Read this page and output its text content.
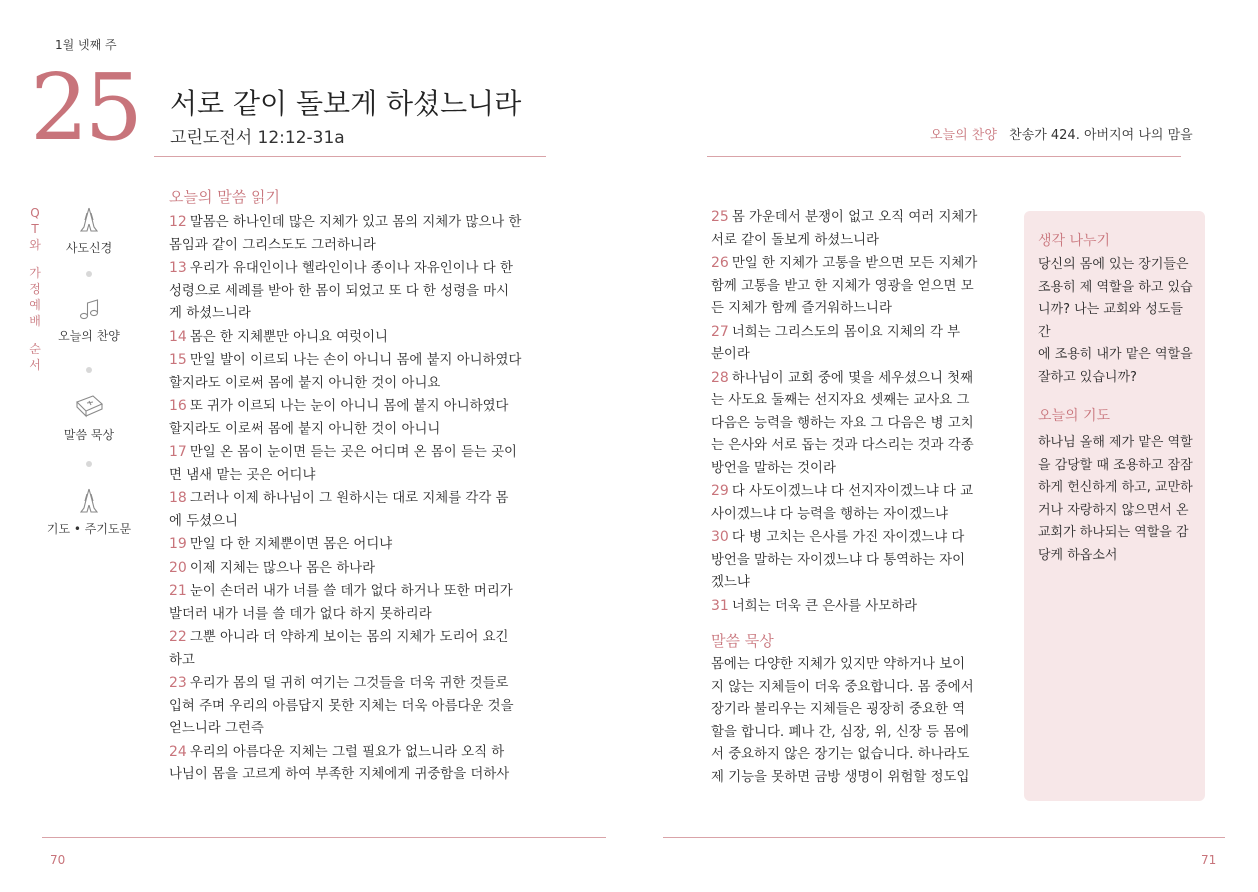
1월 넷째 주
25 서로 같이 돌보게 하셨느니라
고린도전서 12:12-31a	오늘의 찬양 찬송가 424. 아버지여 나의 맘을
Q
T
와
가
정
예
배
순
서
사도신경
오늘의 찬양
말씀 묵상
기도 • 주기도문
오늘의 말씀 읽기
12 말몸은 하나인데 많은 지체가 있고 몸의 지체가 많으나 한
몸임과 같이 그리스도도 그러하니라
13 우리가 유대인이나 헬라인이나 종이나 자유인이나 다 한
성령으로 세례를 받아 한 몸이 되었고 또 다 한 성령을 마시
게 하셨느니라
14 몸은 한 지체뿐만 아니요 여럿이니
15 만일 발이 이르되 나는 손이 아니니 몸에 붙지 아니하였다
할지라도 이로써 몸에 붙지 아니한 것이 아니요
16 또 귀가 이르되 나는 눈이 아니니 몸에 붙지 아니하였다
할지라도 이로써 몸에 붙지 아니한 것이 아니니
17 만일 온 몸이 눈이면 듣는 곳은 어디며 온 몸이 듣는 곳이
면 냄새 맡는 곳은 어디냐
18 그러나 이제 하나님이 그 원하시는 대로 지체를 각각 몸
에 두셨으니
19 만일 다 한 지체뿐이면 몸은 어디냐
20 이제 지체는 많으나 몸은 하나라
21 눈이 손더러 내가 너를 쓸 데가 없다 하거나 또한 머리가
발더러 내가 너를 쓸 데가 없다 하지 못하리라
22 그뿐 아니라 더 약하게 보이는 몸의 지체가 도리어 요긴
하고
23 우리가 몸의 덜 귀히 여기는 그것들을 더욱 귀한 것들로
입혀 주며 우리의 아름답지 못한 지체는 더욱 아름다운 것을
얻느니라 그런즉
24 우리의 아름다운 지체는 그럴 필요가 없느니라 오직 하
나님이 몸을 고르게 하여 부족한 지체에게 귀중함을 더하사
25 몸 가운데서 분쟁이 없고 오직 여러 지체가
서로 같이 돌보게 하셨느니라
26 만일 한 지체가 고통을 받으면 모든 지체가
함께 고통을 받고 한 지체가 영광을 얻으면 모
든 지체가 함께 즐거워하느니라
27 너희는 그리스도의 몸이요 지체의 각 부
분이라
28 하나님이 교회 중에 몇을 세우셨으니 첫째
는 사도요 둘째는 선지자요 셋째는 교사요 그
다음은 능력을 행하는 자요 그 다음은 병 고치
는 은사와 서로 돕는 것과 다스리는 것과 각종
방언을 말하는 것이라
29 다 사도이겠느냐 다 선지자이겠느냐 다 교
사이겠느냐 다 능력을 행하는 자이겠느냐
30 다 병 고치는 은사를 가진 자이겠느냐 다
방언을 말하는 자이겠느냐 다 통역하는 자이
겠느냐
31 너희는 더욱 큰 은사를 사모하라
말씀 묵상
몸에는 다양한 지체가 있지만 약하거나 보이
지 않는 지체들이 더욱 중요합니다. 몸 중에서
장기라 불리우는 지체들은 굉장히 중요한 역
할을 합니다. 폐나 간, 심장, 위, 신장 등 몸에
서 중요하지 않은 장기는 없습니다. 하나라도
제 기능을 못하면 금방 생명이 위험할 정도입
생각 나누기
당신의 몸에 있는 장기들은
조용히 제 역할을 하고 있습
니까? 나는 교회와 성도들 간
에 조용히 내가 맡은 역할을
잘하고 있습니까?
오늘의 기도
하나님 올해 제가 맡은 역할
을 감당할 때 조용하고 잠잠
하게 헌신하게 하고, 교만하
거나 자랑하지 않으면서 온
교회가 하나되는 역할을 감
당케 하옵소서
70	71
